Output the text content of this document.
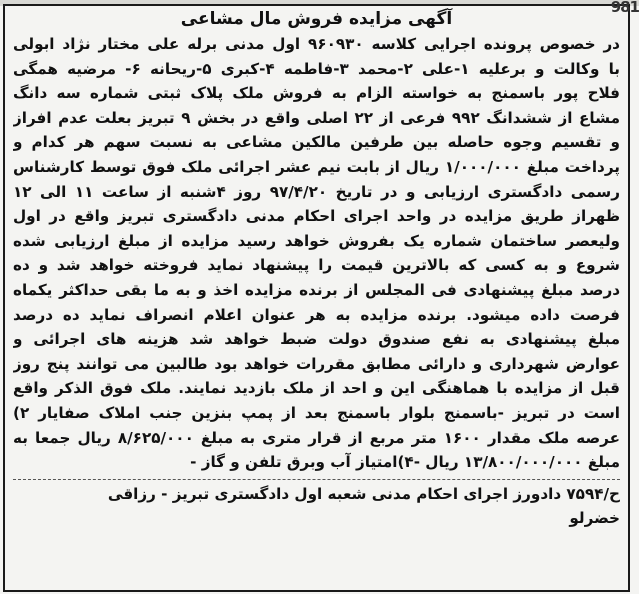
آگهی مزایده فروش مال مشاعی
در خصوص پرونده اجرایی کلاسه ۹۶۰۹۳۰ اول مدنی برله علی مختار نژاد ابولی
با وکالت و برعلیه ۱-علی ۲-محمد ۳-فاطمه ۴-کبری ۵-ریحانه ۶- مرضیه همگی
فلاح پور باسمنج به خواسته الزام به فروش ملک پلاک ثبتی شماره سه دانگ
مشاع از ششدانگ ۹۹۲ فرعی از ۲۲ اصلی واقع در بخش ۹ تبریز بعلت عدم افراز
و تقسیم وجوه حاصله بین طرفین مالکین مشاعی به نسبت سهم هر کدام و
پرداخت مبلغ ۱/۰۰۰/۰۰۰ ریال از بابت نیم عشر اجرائی ملک فوق توسط کارشناس
رسمی دادگستری ارزیابی و در تاریخ ۹۷/۴/۲۰ روز ۴شنبه از ساعت ۱۱ الی ۱۲
ظهراز طریق مزایده در واحد اجرای احکام مدنی دادگستری تبریز واقع در اول
ولیعصر ساختمان شماره یک بفروش خواهد رسید مزایده از مبلغ ارزیابی شده
شروع و به کسی که بالاترین قیمت را پیشنهاد نماید فروخته خواهد شد و ده
درصد مبلغ پیشنهادی فی المجلس از برنده مزایده اخذ و به ما بقی حداکثر یکماه
فرصت داده میشود. برنده مزایده به هر عنوان اعلام انصراف نماید ده درصد
مبلغ پیشنهادی به نفع صندوق دولت ضبط خواهد شد هزینه های اجرائی و
عوارض شهرداری و دارائی مطابق مقررات خواهد بود طالبین می توانند پنج روز
قبل از مزایده با هماهنگی این و احد از ملک بازدید نمایند. ملک فوق الذکر واقع
است در تبریز -باسمنج بلوار باسمنج بعد از پمپ بنزین جنب املاک صفایار ۲)
عرصه ملک مقدار ۱۶۰۰ متر مربع از قرار متری به مبلغ ۸/۶۲۵/۰۰۰ ریال جمعا به
مبلغ ۱۳/۸۰۰/۰۰۰/۰۰۰ ریال -۴)امتیاز آب وبرق تلفن و گاز -
ح/۷۵۹۴ دادورز اجرای احکام مدنی شعبه اول دادگستری تبریز - رزاقی
خضرلو
981
